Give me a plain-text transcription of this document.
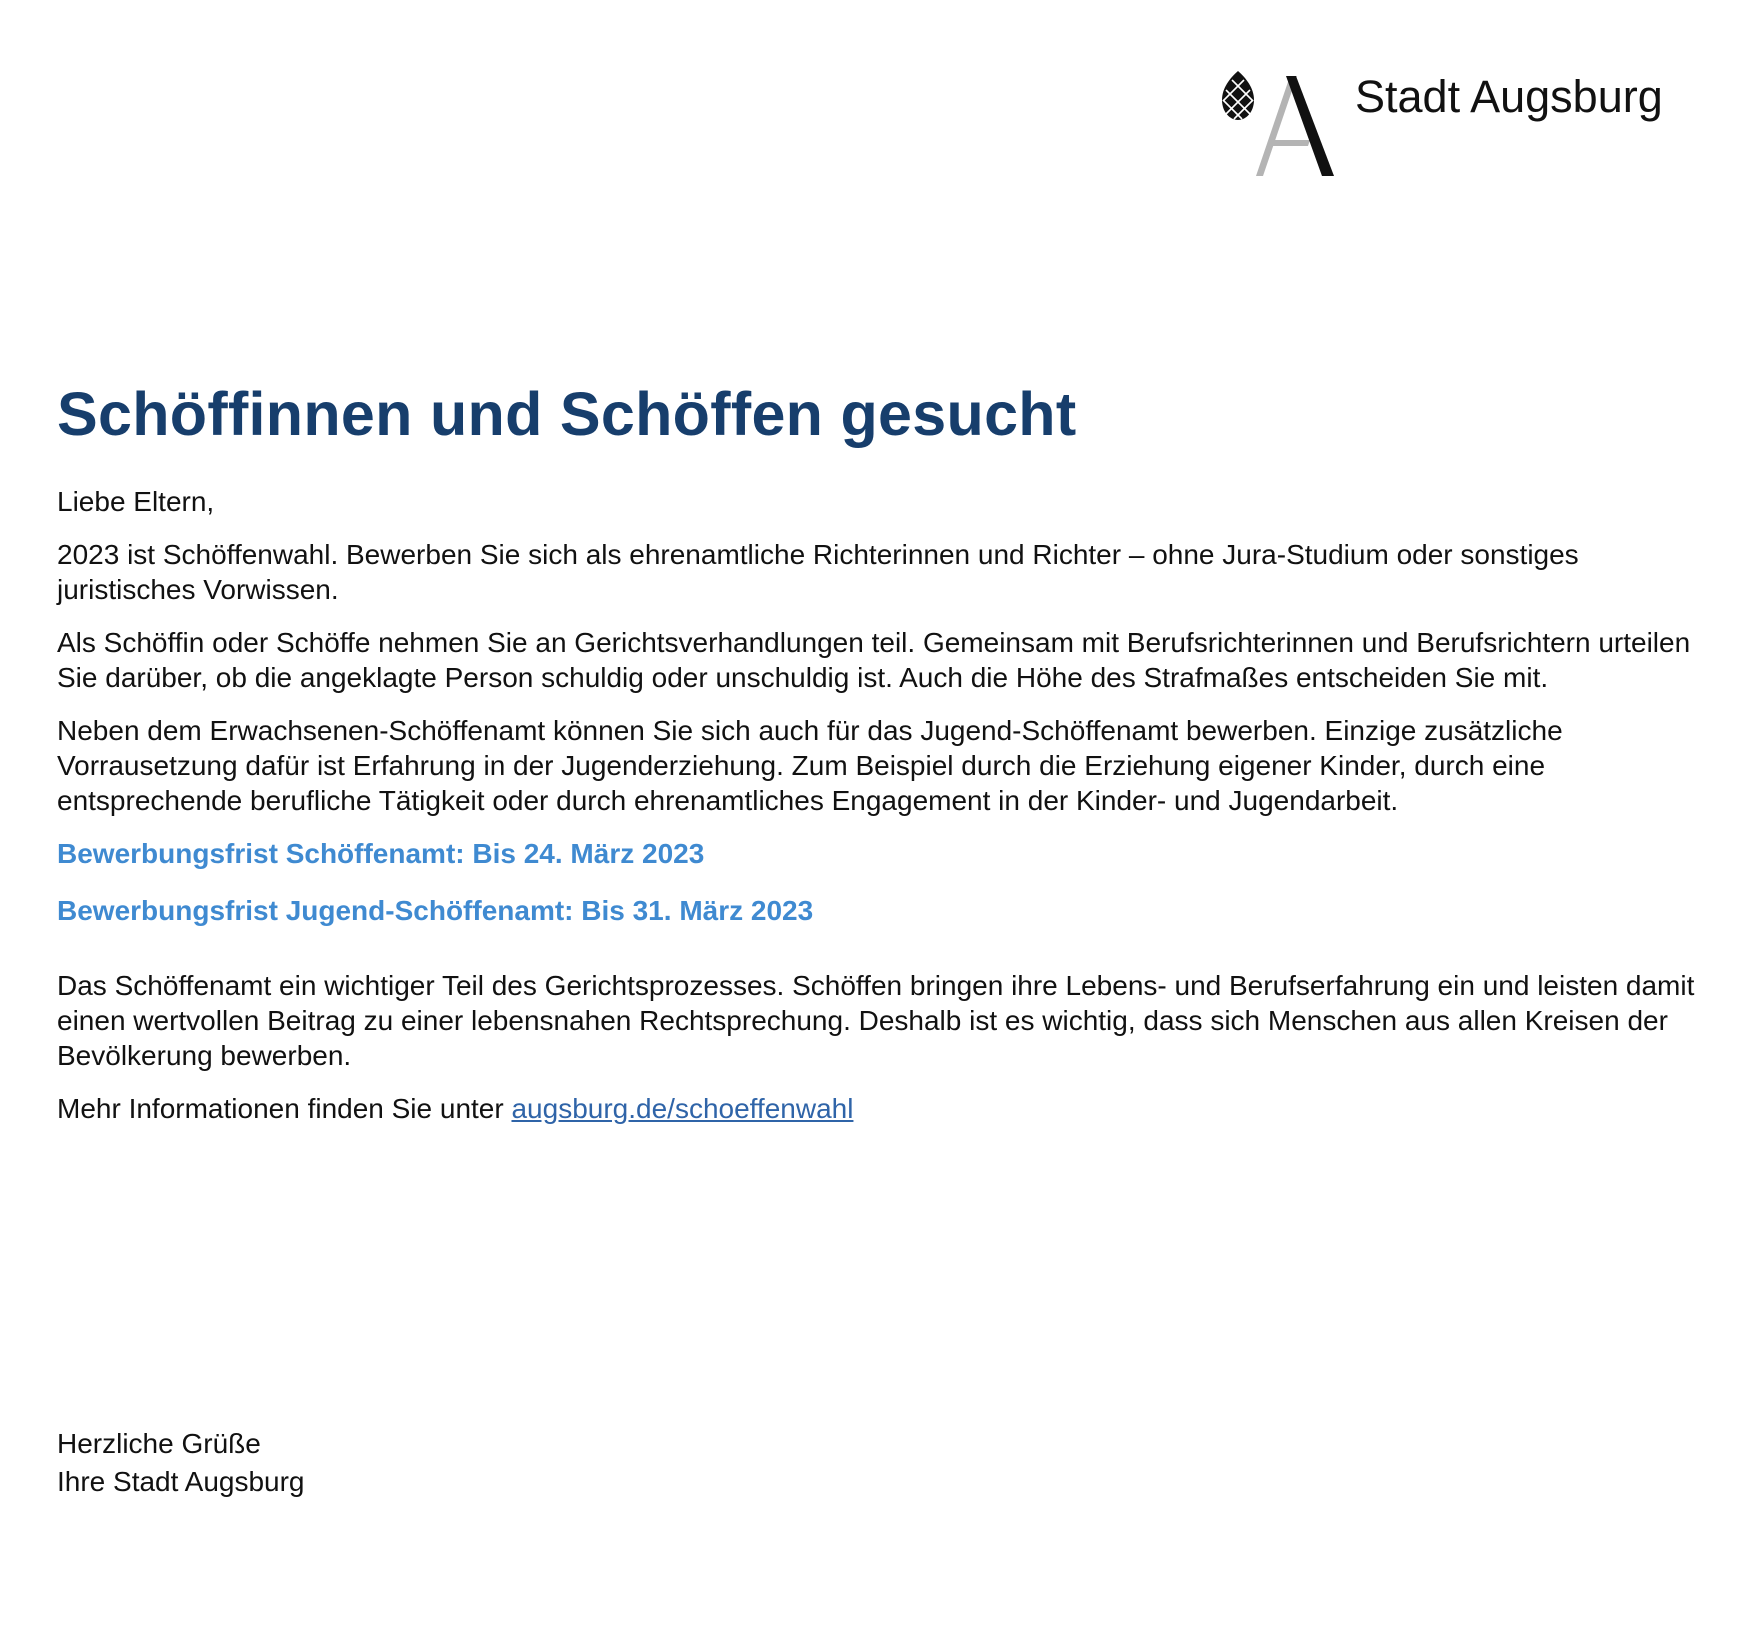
Stadt Augsburg
Schöffinnen und Schöffen gesucht

Liebe Eltern,

2023 ist Schöffenwahl. Bewerben Sie sich als ehrenamtliche Richterinnen und Richter – ohne Jura-Studium oder sonstiges juristisches Vorwissen.

Als Schöffin oder Schöffe nehmen Sie an Gerichtsverhandlungen teil. Gemeinsam mit Berufsrichterinnen und Berufsrichtern urteilen Sie darüber, ob die angeklagte Person schuldig oder unschuldig ist. Auch die Höhe des Strafmaßes entscheiden Sie mit.

Neben dem Erwachsenen-Schöffenamt können Sie sich auch für das Jugend-Schöffenamt bewerben. Einzige zusätzliche Vorrausetzung dafür ist Erfahrung in der Jugenderziehung. Zum Beispiel durch die Erziehung eigener Kinder, durch eine entsprechende berufliche Tätigkeit oder durch ehrenamtliches Engagement in der Kinder- und Jugendarbeit.

Bewerbungsfrist Schöffenamt: Bis 24. März 2023

Bewerbungsfrist Jugend-Schöffenamt: Bis 31. März 2023

Das Schöffenamt ein wichtiger Teil des Gerichtsprozesses. Schöffen bringen ihre Lebens- und Berufserfahrung ein und leisten damit einen wertvollen Beitrag zu einer lebensnahen Rechtsprechung. Deshalb ist es wichtig, dass sich Menschen aus allen Kreisen der Bevölkerung bewerben.

Mehr Informationen finden Sie unter augsburg.de/schoeffenwahl

Herzliche Grüße
Ihre Stadt Augsburg
